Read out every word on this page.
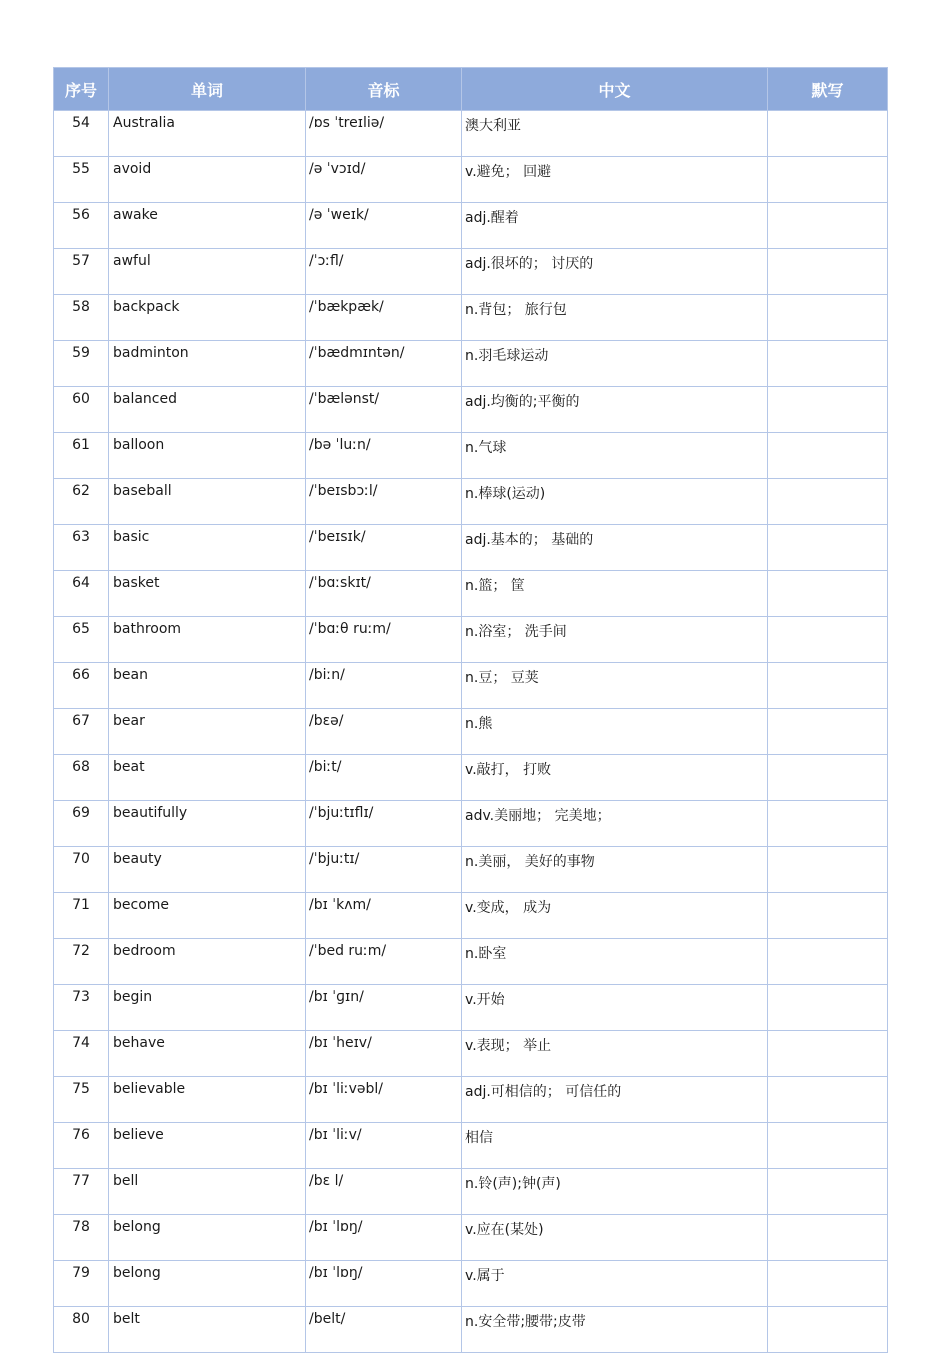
序号	单词	音标	中文	默写
54	Australia	/ɒs ˈtreɪliə/	澳大利亚	
55	avoid	/ə ˈvɔɪd/	v.避免； 回避	
56	awake	/ə ˈweɪk/	adj.醒着	
57	awful	/ˈɔːfl/	adj.很坏的； 讨厌的	
58	backpack	/ˈbækpæk/	n.背包； 旅行包	
59	badminton	/ˈbædmɪntən/	n.羽毛球运动	
60	balanced	/ˈbælənst/	adj.均衡的;平衡的	
61	balloon	/bə ˈluːn/	n.气球	
62	baseball	/ˈbeɪsbɔːl/	n.棒球(运动)	
63	basic	/ˈbeɪsɪk/	adj.基本的； 基础的	
64	basket	/ˈbɑːskɪt/	n.篮； 筐	
65	bathroom	/ˈbɑːθ ruːm/	n.浴室； 洗手间	
66	bean	/biːn/	n.豆； 豆荚	
67	bear	/bɛə/	n.熊	
68	beat	/biːt/	v.敲打， 打败	
69	beautifully	/ˈbjuːtɪflɪ/	adv.美丽地； 完美地；	
70	beauty	/ˈbjuːtɪ/	n.美丽， 美好的事物	
71	become	/bɪ ˈkʌm/	v.变成， 成为	
72	bedroom	/ˈbed ruːm/	n.卧室	
73	begin	/bɪ ˈɡɪn/	v.开始	
74	behave	/bɪ ˈheɪv/	v.表现； 举止	
75	believable	/bɪ ˈliːvəbl/	adj.可相信的； 可信任的	
76	believe	/bɪ ˈliːv/	相信	
77	bell	/bɛ l/	n.铃(声);钟(声)	
78	belong	/bɪ ˈlɒŋ/	v.应在(某处)	
79	belong	/bɪ ˈlɒŋ/	v.属于	
80	belt	/belt/	n.安全带;腰带;皮带	
